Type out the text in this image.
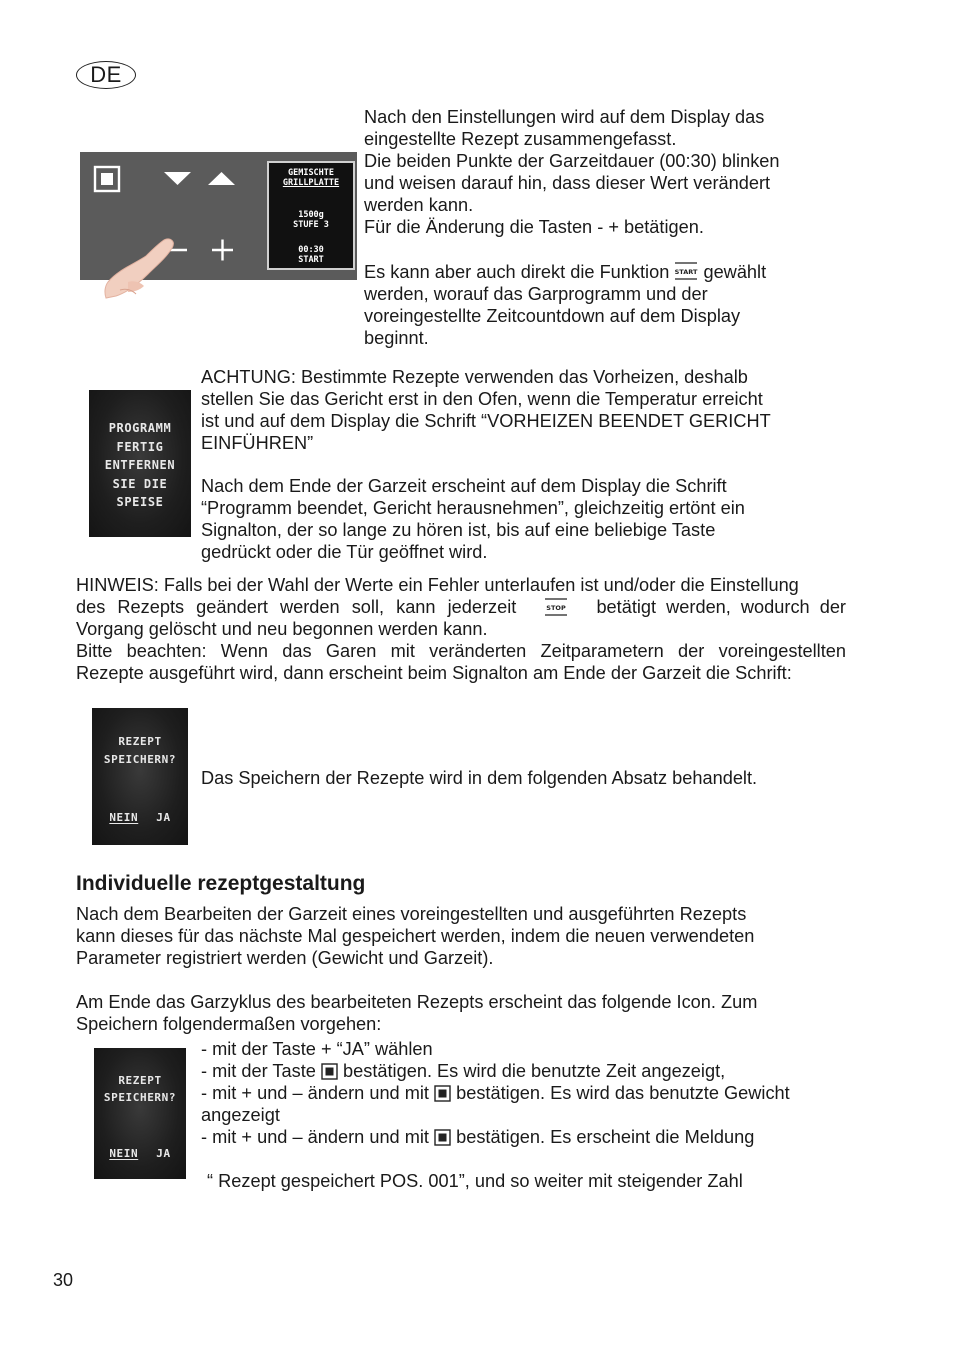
DE
GEMISCHTE
GRILLPLATTE
1500g
STUFE 3
00:30
START

Nach den Einstellungen wird auf dem Display das

eingestellte Rezept zusammengefasst.

Die beiden Punkte der Garzeitdauer (00:30) blinken

und weisen darauf hin, dass dieser Wert verändert

werden kann.

Für die Änderung die Tasten - + betätigen.

Es kann aber auch direkt die Funktion START gewählt

werden, worauf das Garprogramm und der

voreingestellte Zeitcountdown auf dem Display

beginnt.

PROGRAMM
FERTIG
ENTFERNEN
SIE DIE
SPEISE

ACHTUNG: Bestimmte Rezepte verwenden das Vorheizen, deshalb

stellen Sie das Gericht erst in den Ofen, wenn die Temperatur erreicht

ist und auf dem Display die Schrift “VORHEIZEN BEENDET GERICHT

EINFÜHREN”

Nach dem Ende der Garzeit erscheint auf dem Display die Schrift

“Programm beendet, Gericht herausnehmen”, gleichzeitig ertönt ein

Signalton, der so lange zu hören ist, bis auf eine beliebige Taste

gedrückt oder die Tür geöffnet wird.

HINWEIS: Falls bei der Wahl der Werte ein Fehler unterlaufen ist und/oder die Einstellung

des Rezepts geändert werden soll, kann jederzeit	STOP betätigt werden, wodurch der

Vorgang gelöscht und neu begonnen werden kann.

Bitte beachten: Wenn das Garen mit veränderten Zeitparametern der voreingestellten

Rezepte ausgeführt wird, dann erscheint beim Signalton am Ende der Garzeit die Schrift:

REZEPT
SPEICHERN?
NEIN JA

Das Speichern der Rezepte wird in dem folgenden Absatz behandelt.

Individuelle rezeptgestaltung

Nach dem Bearbeiten der Garzeit eines voreingestellten und ausgeführten Rezepts

kann dieses für das nächste Mal gespeichert werden, indem die neuen verwendeten

Parameter registriert werden (Gewicht und Garzeit).

Am Ende das Garzyklus des bearbeiteten Rezepts erscheint das folgende Icon. Zum

Speichern folgendermaßen vorgehen:

REZEPT
SPEICHERN?
NEIN JA

- mit der Taste + “JA” wählen

- mit der Taste bestätigen. Es wird die benutzte Zeit angezeigt,

- mit + und – ändern und mit bestätigen. Es wird das benutzte Gewicht

angezeigt

- mit + und – ändern und mit bestätigen. Es erscheint die Meldung

“ Rezept gespeichert POS. 001”, und so weiter mit steigender Zahl

30
